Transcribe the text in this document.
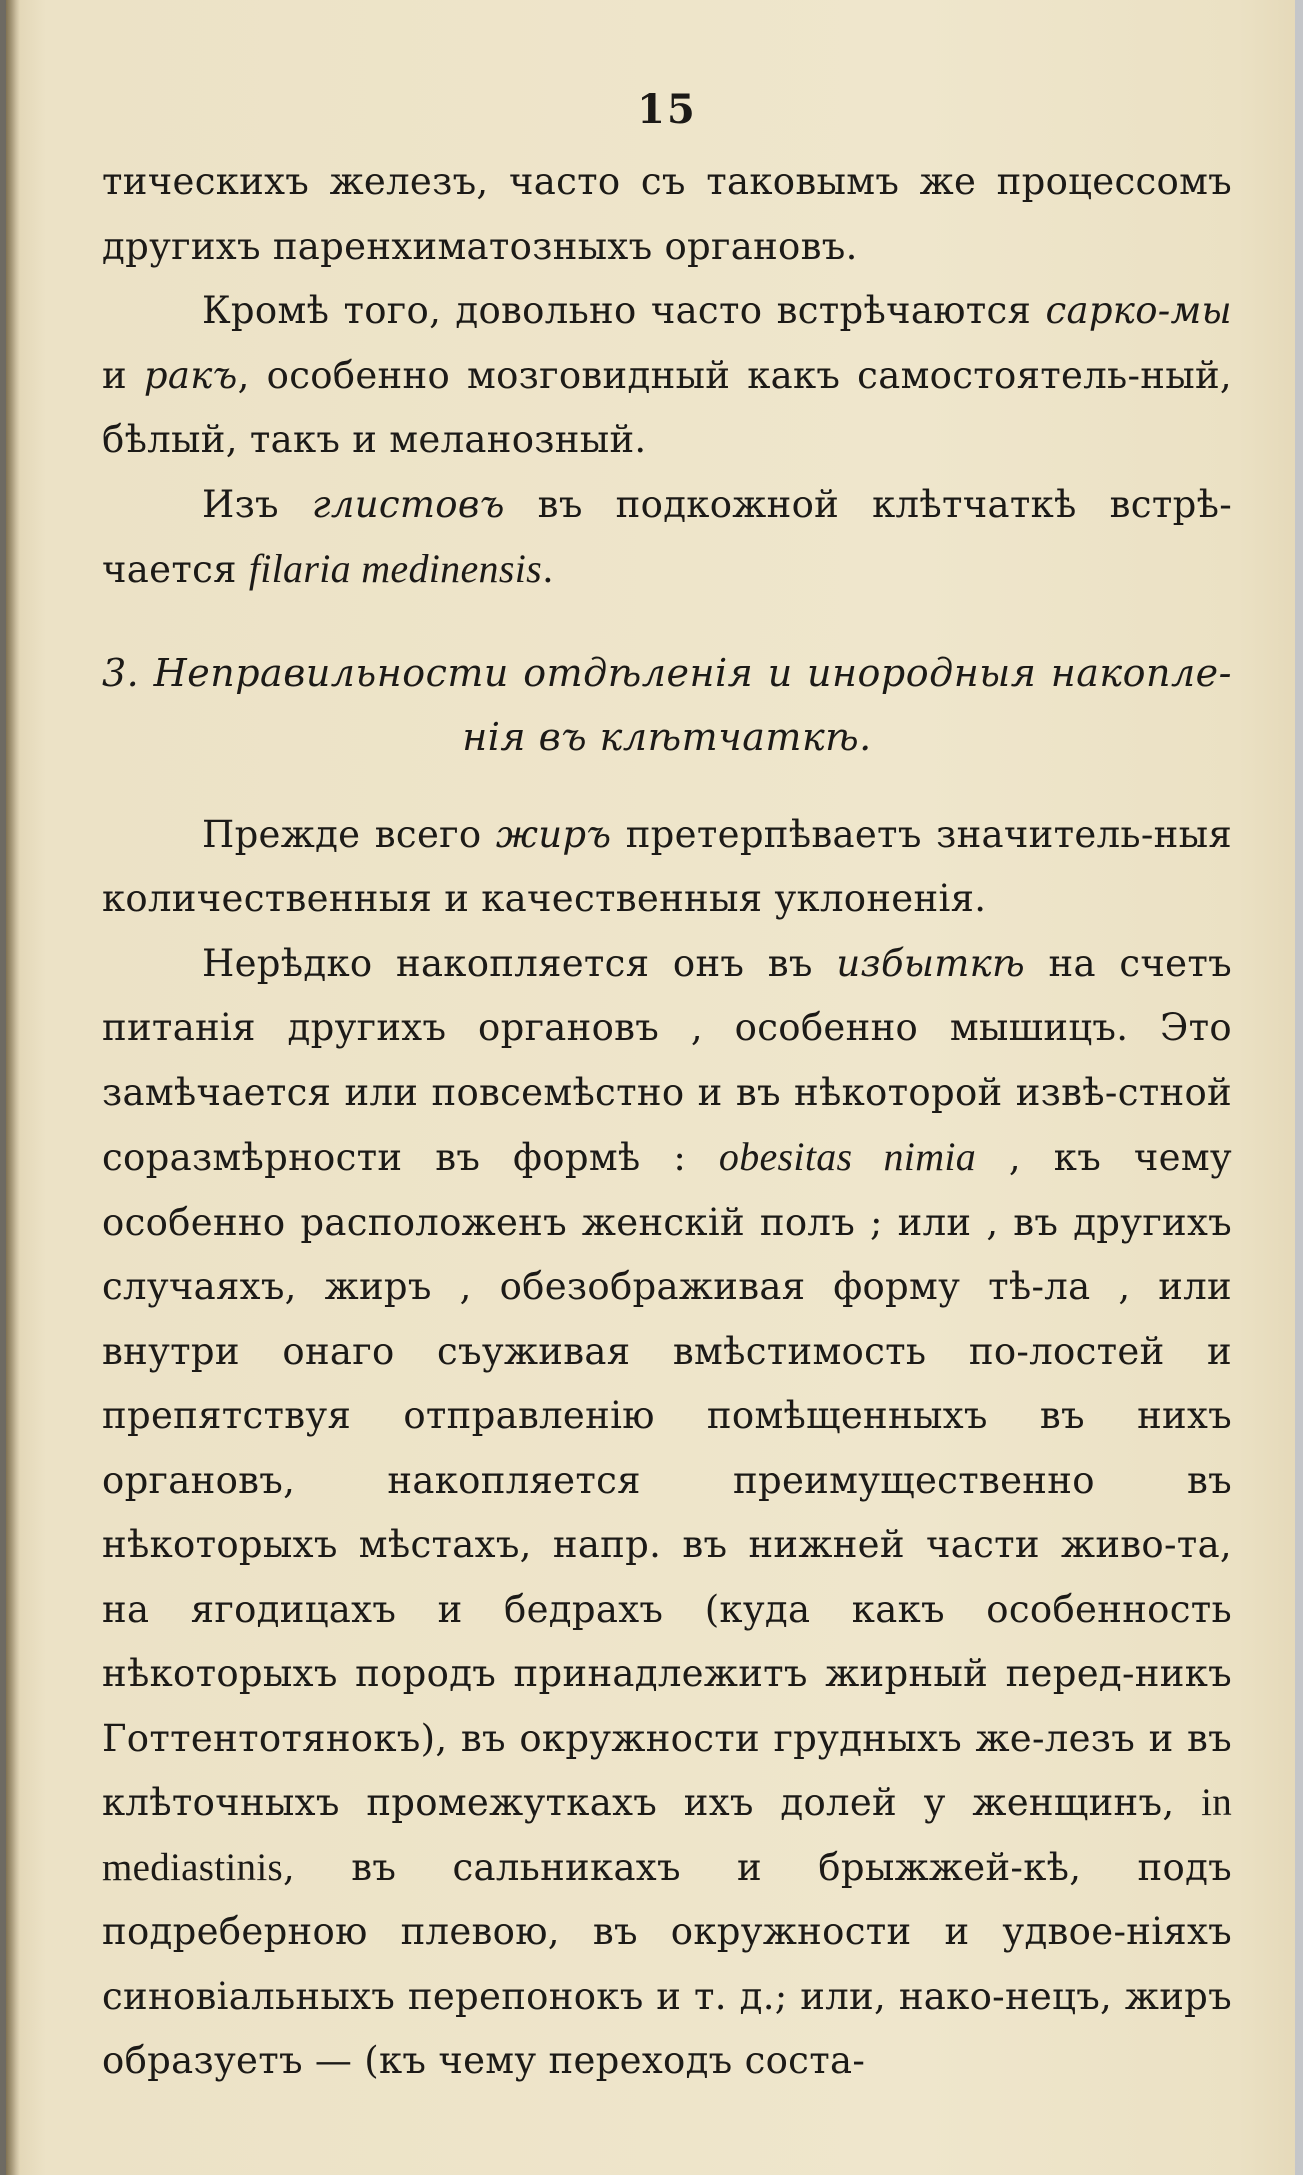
15

тическихъ железъ, часто съ таковымъ же процессомъ другихъ паренхиматозныхъ органовъ.

Кромѣ того, довольно часто встрѣчаются сарко-мы и ракъ, особенно мозговидный какъ самостоятель-ный, бѣлый, такъ и меланозный.

Изъ глистовъ въ подкожной клѣтчаткѣ встрѣ-чается filaria medinensis.

3. Неправильности отдѣленія и инородныя накопле-
нія въ клѣтчаткѣ.

Прежде всего жиръ претерпѣваетъ значитель-ныя количественныя и качественныя уклоненія.

Нерѣдко накопляется онъ въ избыткѣ на счетъ питанія другихъ органовъ , особенно мышицъ. Это замѣчается или повсемѣстно и въ нѣкоторой извѣ-стной соразмѣрности въ формѣ : obesitas nimia , къ чему особенно расположенъ женскій полъ ; или , въ другихъ случаяхъ, жиръ , обезображивая форму тѣ-ла , или внутри онаго съуживая вмѣстимость по-лостей и препятствуя отправленію помѣщенныхъ въ нихъ органовъ, накопляется преимущественно въ нѣкоторыхъ мѣстахъ, напр. въ нижней части живо-та, на ягодицахъ и бедрахъ (куда какъ особенность нѣкоторыхъ породъ принадлежитъ жирный перед-никъ Готтентотянокъ), въ окружности грудныхъ же-лезъ и въ клѣточныхъ промежуткахъ ихъ долей у женщинъ, in mediastinis, въ сальникахъ и брыжжей-кѣ, подъ подреберною плевою, въ окружности и удвое-ніяхъ синовіальныхъ перепонокъ и т. д.; или, нако-нецъ, жиръ образуетъ — (къ чему переходъ соста-
